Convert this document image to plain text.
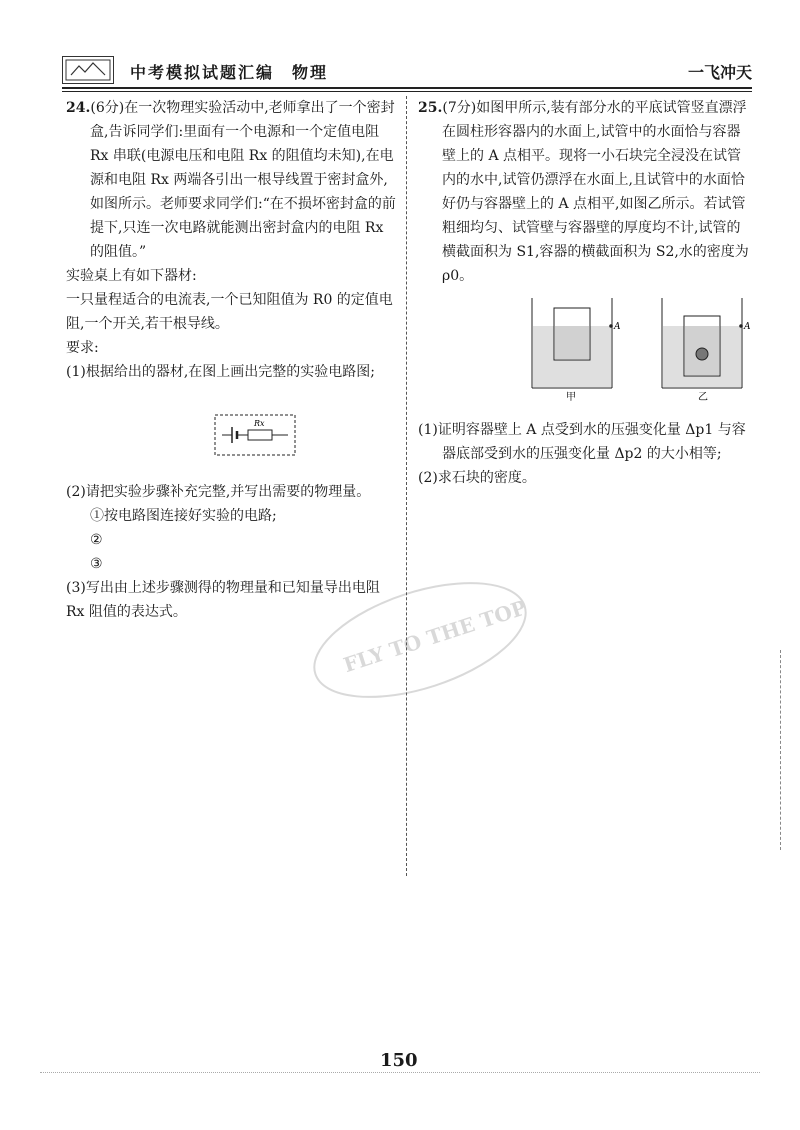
中考模拟试题汇编　物理	一飞冲天

24.(6分)在一次物理实验活动中,老师拿出了一个密封盒,告诉同学们:里面有一个电源和一个定值电阻 Rx 串联(电源电压和电阻 Rx 的阻值均未知),在电源和电阻 Rx 两端各引出一根导线置于密封盒外,如图所示。老师要求同学们:“在不损坏密封盒的前提下,只连一次电路就能测出密封盒内的电阻 Rx 的阻值。”

实验桌上有如下器材:

一只量程适合的电流表,一个已知阻值为 R0 的定值电阻,一个开关,若干根导线。

要求:

(1)根据给出的器材,在图上画出完整的实验电路图;

Rx

(2)请把实验步骤补充完整,并写出需要的物理量。

①按电路图连接好实验的电路;

②

③

(3)写出由上述步骤测得的物理量和已知量导出电阻 Rx 阻值的表达式。

25.(7分)如图甲所示,装有部分水的平底试管竖直漂浮在圆柱形容器内的水面上,试管中的水面恰与容器壁上的 A 点相平。现将一小石块完全浸没在试管内的水中,试管仍漂浮在水面上,且试管中的水面恰好仍与容器壁上的 A 点相平,如图乙所示。若试管粗细均匀、试管壁与容器壁的厚度均不计,试管的横截面积为 S1,容器的横截面积为 S2,水的密度为 ρ0。

A
甲
A
乙

(1)证明容器壁上 A 点受到水的压强变化量 Δp1 与容器底部受到水的压强变化量 Δp2 的大小相等;

(2)求石块的密度。

FLY TO THE TOP
150
